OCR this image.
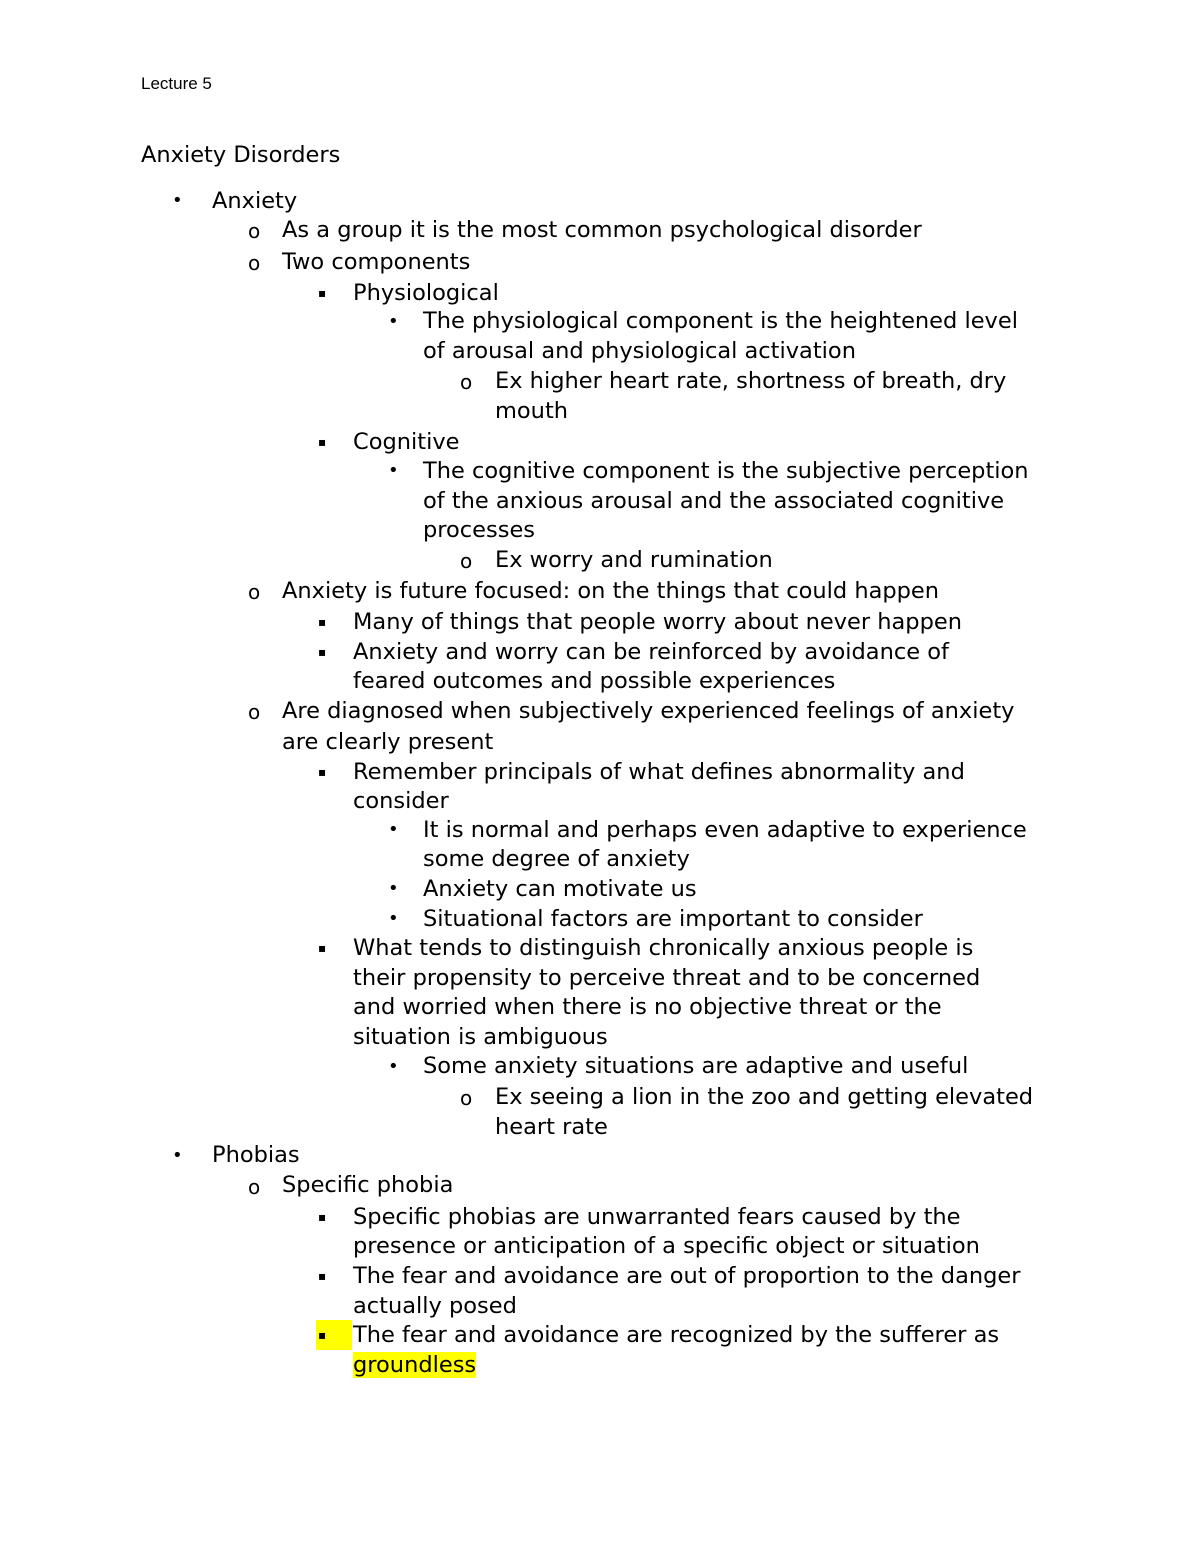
Lecture 5
Anxiety Disorders
• Anxiety
o As a group it is the most common psychological disorder
o Two components
▪ Physiological
• The physiological component is the heightened level
of arousal and physiological activation
o Ex higher heart rate, shortness of breath, dry
mouth
▪ Cognitive
• The cognitive component is the subjective perception
of the anxious arousal and the associated cognitive
processes
o Ex worry and rumination
o Anxiety is future focused: on the things that could happen
▪ Many of things that people worry about never happen
▪ Anxiety and worry can be reinforced by avoidance of
feared outcomes and possible experiences
o Are diagnosed when subjectively experienced feelings of anxiety
are clearly present
▪ Remember principals of what defines abnormality and
consider
• It is normal and perhaps even adaptive to experience
some degree of anxiety
• Anxiety can motivate us
• Situational factors are important to consider
▪ What tends to distinguish chronically anxious people is
their propensity to perceive threat and to be concerned
and worried when there is no objective threat or the
situation is ambiguous
• Some anxiety situations are adaptive and useful
o Ex seeing a lion in the zoo and getting elevated
heart rate
• Phobias
o Specific phobia
▪ Specific phobias are unwarranted fears caused by the
presence or anticipation of a specific object or situation
▪ The fear and avoidance are out of proportion to the danger
actually posed
▪	The fear and avoidance are recognized by the sufferer as
groundless
